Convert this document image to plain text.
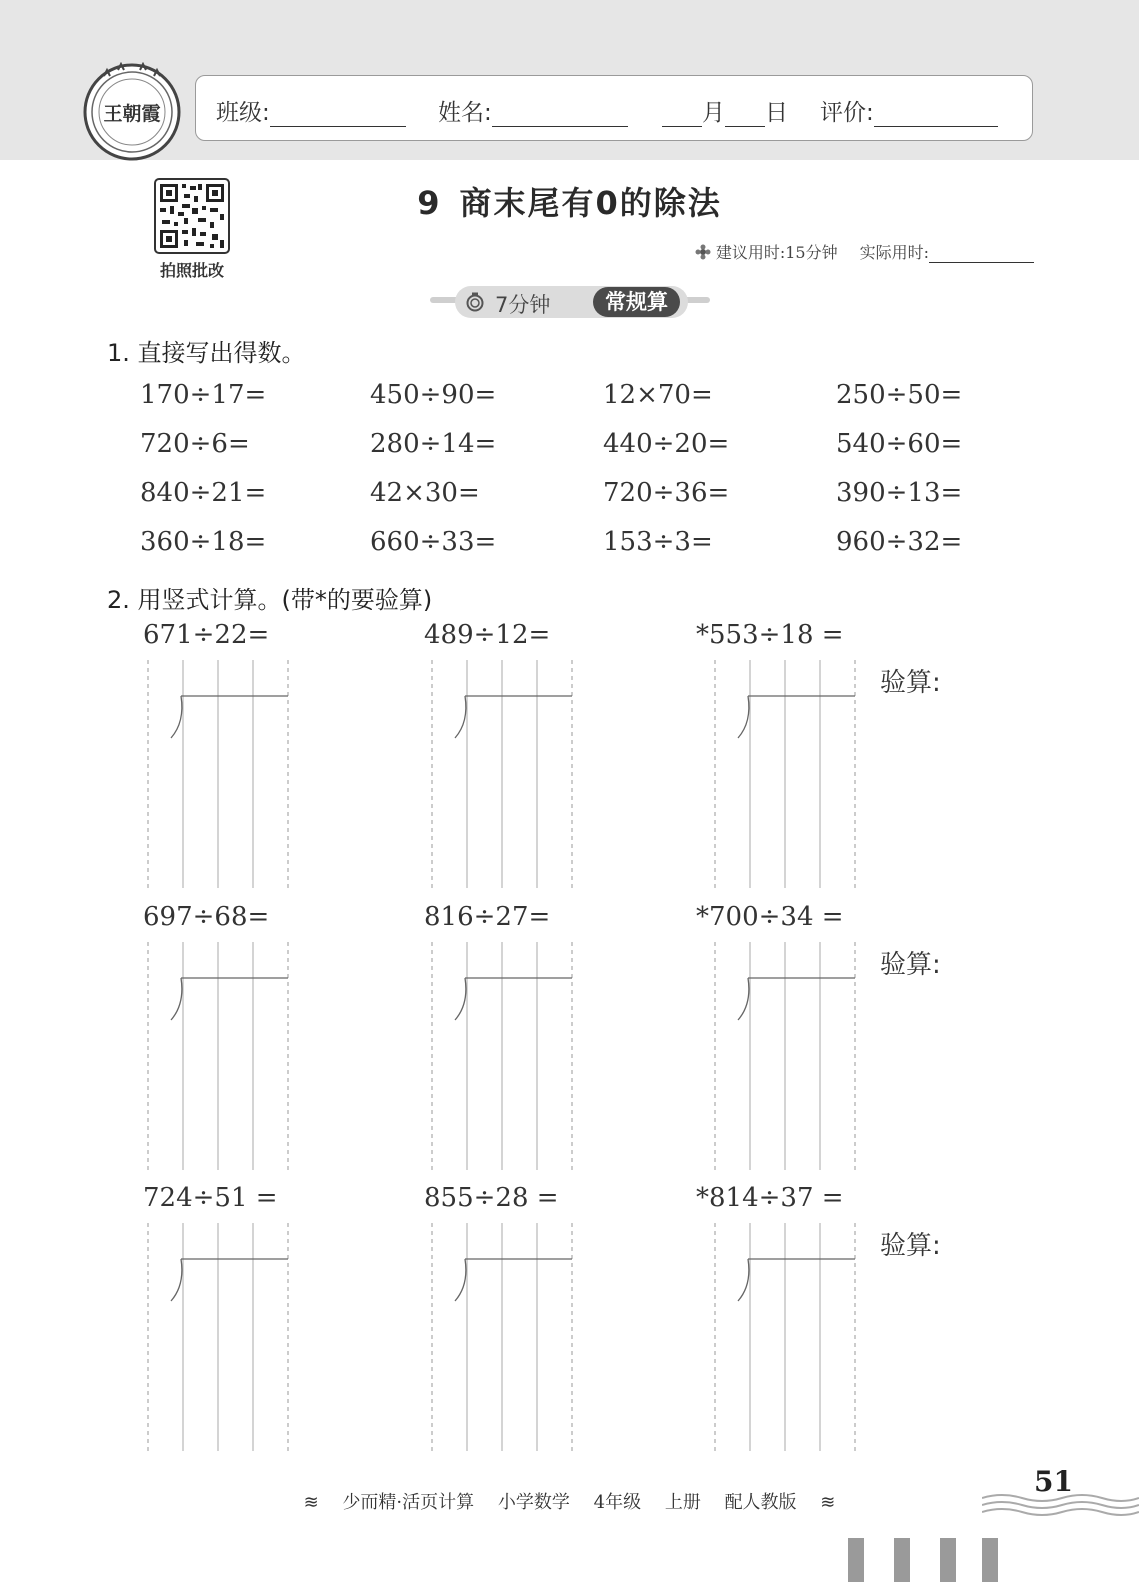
王朝霞 班级:	姓名:	月 日 评价:
拍照批改
9 商末尾有0的除法
建议用时:15分钟 实际用时:
7分钟	常规算
1. 直接写出得数。
170÷17=	450÷90=	12×70=	250÷50=
720÷6=	280÷14=	440÷20=	540÷60=
840÷21=	42×30=	720÷36=	390÷13=
360÷18=	660÷33=	153÷3=	960÷32=
2. 用竖式计算。(带*的要验算)
671÷22=	489÷12=	*553÷18 =
验算:
697÷68=	816÷27=	*700÷34 =
验算:
724÷51 =	855÷28 =	*814÷37 =
验算:
≋ 少而精·活页计算 小学数学 4年级 上册 配人教版 ≋
51
